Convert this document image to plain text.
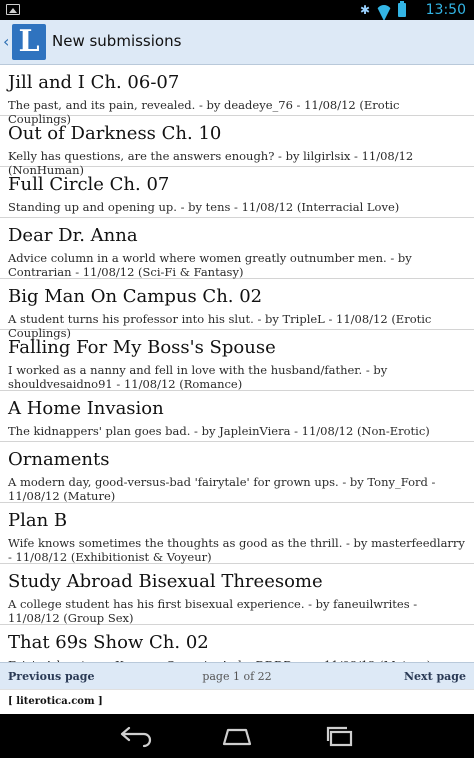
✱	13:50
‹ L New submissions
Jill and I Ch. 06-07
The past, and its pain, revealed. - by deadeye_76 - 11/08/12 (Erotic Couplings)
Out of Darkness Ch. 10
Kelly has questions, are the answers enough? - by lilgirlsix - 11/08/12 (NonHuman)
Full Circle Ch. 07
Standing up and opening up. - by tens - 11/08/12 (Interracial Love)
Dear Dr. Anna
Advice column in a world where women greatly outnumber men. - by Contrarian - 11/08/12 (Sci-Fi & Fantasy)
Big Man On Campus Ch. 02
A student turns his professor into his slut. - by TripleL - 11/08/12 (Erotic Couplings)
Falling For My Boss's Spouse
I worked as a nanny and fell in love with the husband/father. - by shouldvesaidno91 - 11/08/12 (Romance)
A Home Invasion
The kidnappers' plan goes bad. - by JapleinViera - 11/08/12 (Non-Erotic)
Ornaments
A modern day, good-versus-bad 'fairytale' for grown ups. - by Tony_Ford - 11/08/12 (Mature)
Plan B
Wife knows sometimes the thoughts as good as the thrill. - by masterfeedlarry - 11/08/12 (Exhibitionist & Voyeur)
Study Abroad Bisexual Threesome
A college student has his first bisexual experience. - by faneuilwrites - 11/08/12 (Group Sex)
That 69s Show Ch. 02
Previous page	page 1 of 22	Next page
[ literotica.com ]
